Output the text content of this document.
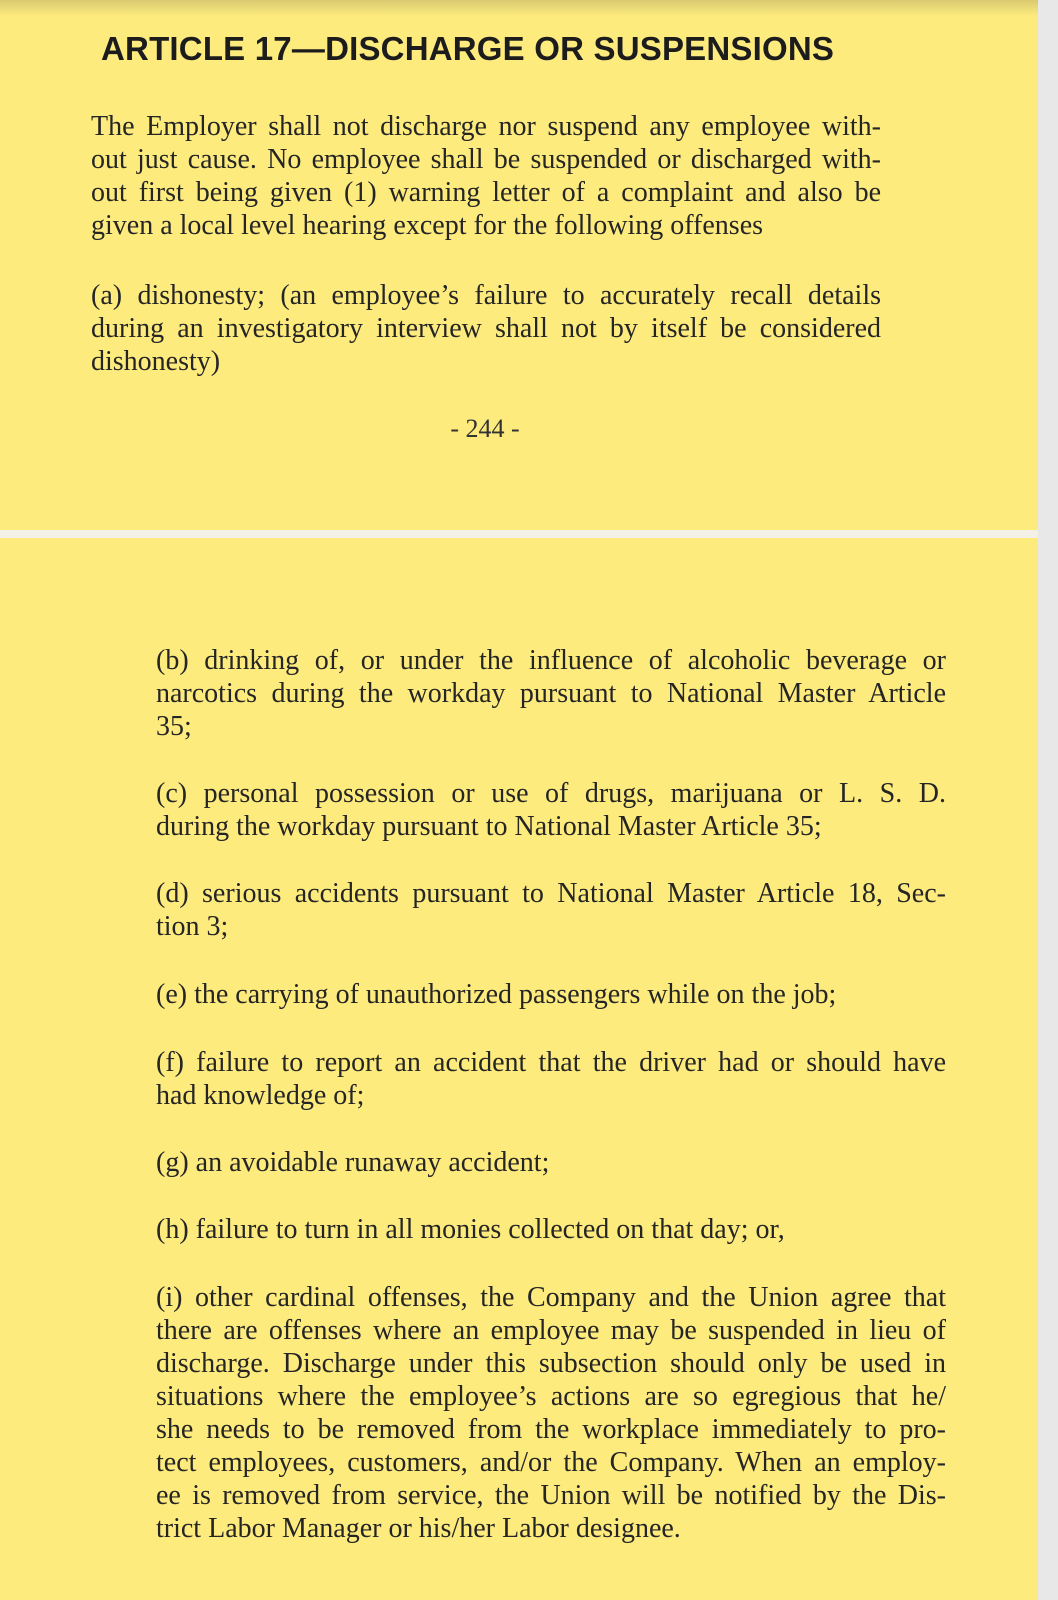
ARTICLE 17—DISCHARGE OR SUSPENSIONS

The Employer shall not discharge nor suspend any employee with-
out just cause. No employee shall be suspended or discharged with-
out first being given (1) warning letter of a complaint and also be
given a local level hearing except for the following offenses

(a) dishonesty; (an employee’s failure to accurately recall details
during an investigatory interview shall not by itself be considered
dishonesty)

- 244 -

(b) drinking of, or under the influence of alcoholic beverage or
narcotics during the workday pursuant to National Master Article
35;

(c) personal possession or use of drugs, marijuana or L. S. D.
during the workday pursuant to National Master Article 35;

(d) serious accidents pursuant to National Master Article 18, Sec-
tion 3;

(e) the carrying of unauthorized passengers while on the job;

(f) failure to report an accident that the driver had or should have
had knowledge of;

(g) an avoidable runaway accident;

(h) failure to turn in all monies collected on that day; or,

(i) other cardinal offenses, the Company and the Union agree that
there are offenses where an employee may be suspended in lieu of
discharge. Discharge under this subsection should only be used in
situations where the employee’s actions are so egregious that he/
she needs to be removed from the workplace immediately to pro-
tect employees, customers, and/or the Company. When an employ-
ee is removed from service, the Union will be notified by the Dis-
trict Labor Manager or his/her Labor designee.
